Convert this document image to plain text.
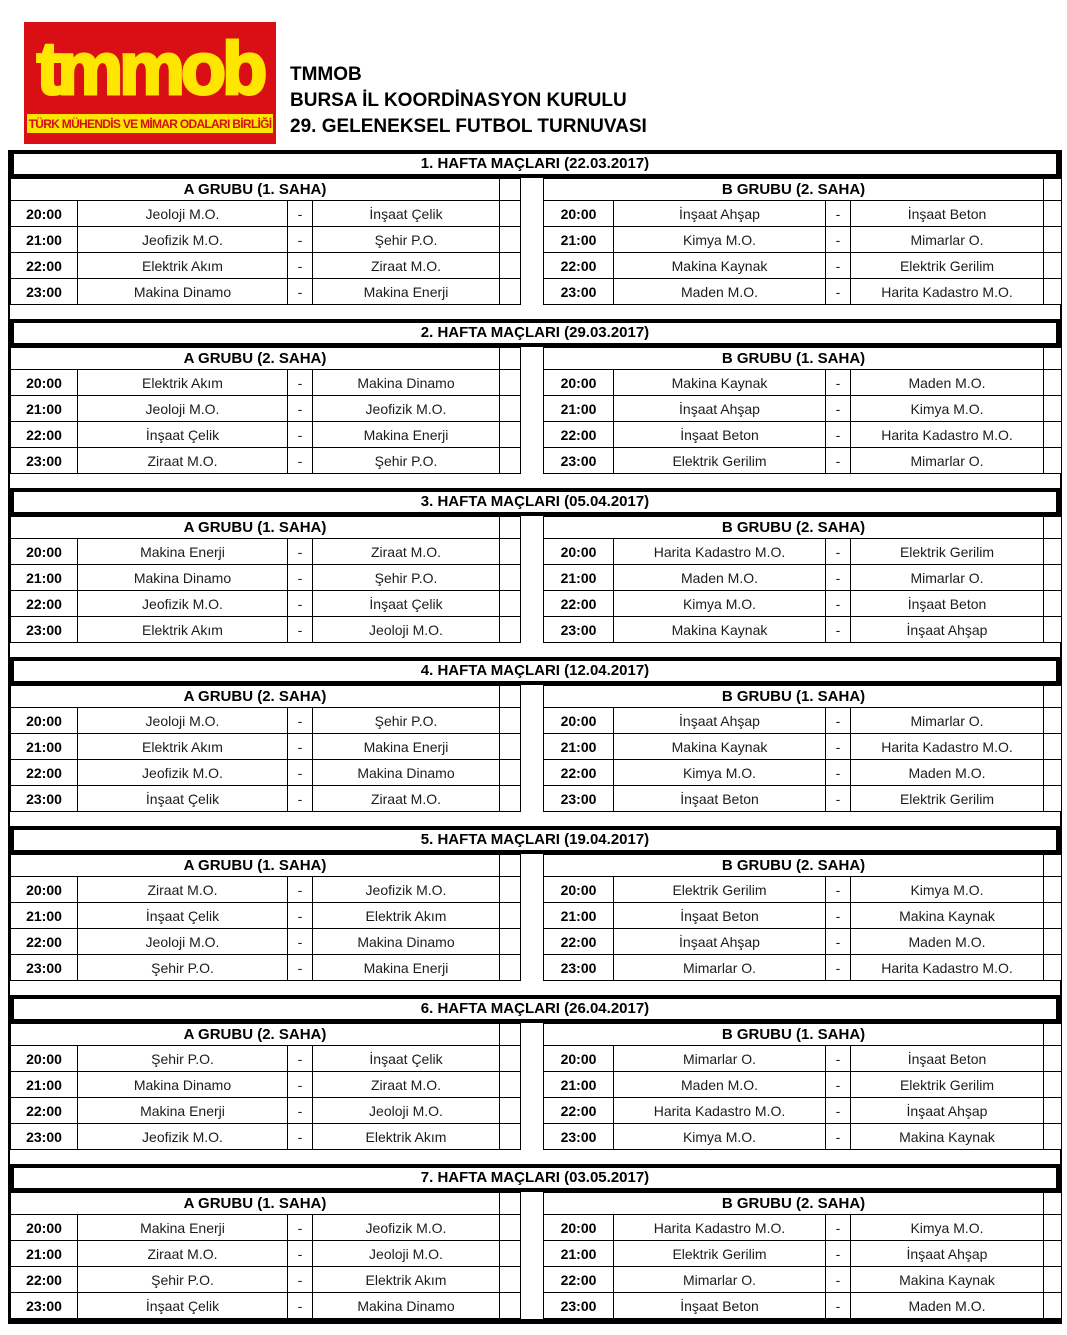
tmmob
TÜRK MÜHENDİS VE MİMAR ODALARI BİRLİĞİ
TMMOB
BURSA İL KOORDİNASYON KURULU
29. GELENEKSEL FUTBOL TURNUVASI
1. HAFTA MAÇLARI (22.03.2017)
A GRUBU (1. SAHA)				
20:00	Jeoloji M.O.	-	İnşaat Çelik	
21:00	Jeofizik M.O.	-	Şehir P.O.	
22:00	Elektrik Akım	-	Ziraat M.O.	
23:00	Makina Dinamo	-	Makina Enerji	
B GRUBU (2. SAHA)				
20:00	İnşaat Ahşap	-	İnşaat Beton	
21:00	Kimya M.O.	-	Mimarlar O.	
22:00	Makina Kaynak	-	Elektrik Gerilim	
23:00	Maden M.O.	-	Harita Kadastro M.O.	
2. HAFTA MAÇLARI (29.03.2017)
A GRUBU (2. SAHA)				
20:00	Elektrik Akım	-	Makina Dinamo	
21:00	Jeoloji M.O.	-	Jeofizik M.O.	
22:00	İnşaat Çelik	-	Makina Enerji	
23:00	Ziraat M.O.	-	Şehir P.O.	
B GRUBU (1. SAHA)				
20:00	Makina Kaynak	-	Maden M.O.	
21:00	İnşaat Ahşap	-	Kimya M.O.	
22:00	İnşaat Beton	-	Harita Kadastro M.O.	
23:00	Elektrik Gerilim	-	Mimarlar O.	
3. HAFTA MAÇLARI (05.04.2017)
A GRUBU (1. SAHA)				
20:00	Makina Enerji	-	Ziraat M.O.	
21:00	Makina Dinamo	-	Şehir P.O.	
22:00	Jeofizik M.O.	-	İnşaat Çelik	
23:00	Elektrik Akım	-	Jeoloji M.O.	
B GRUBU (2. SAHA)				
20:00	Harita Kadastro M.O.	-	Elektrik Gerilim	
21:00	Maden M.O.	-	Mimarlar O.	
22:00	Kimya M.O.	-	İnşaat Beton	
23:00	Makina Kaynak	-	İnşaat Ahşap	
4. HAFTA MAÇLARI (12.04.2017)
A GRUBU (2. SAHA)				
20:00	Jeoloji M.O.	-	Şehir P.O.	
21:00	Elektrik Akım	-	Makina Enerji	
22:00	Jeofizik M.O.	-	Makina Dinamo	
23:00	İnşaat Çelik	-	Ziraat M.O.	
B GRUBU (1. SAHA)				
20:00	İnşaat Ahşap	-	Mimarlar O.	
21:00	Makina Kaynak	-	Harita Kadastro M.O.	
22:00	Kimya M.O.	-	Maden M.O.	
23:00	İnşaat Beton	-	Elektrik Gerilim	
5. HAFTA MAÇLARI (19.04.2017)
A GRUBU (1. SAHA)				
20:00	Ziraat M.O.	-	Jeofizik M.O.	
21:00	İnşaat Çelik	-	Elektrik Akım	
22:00	Jeoloji M.O.	-	Makina Dinamo	
23:00	Şehir P.O.	-	Makina Enerji	
B GRUBU (2. SAHA)				
20:00	Elektrik Gerilim	-	Kimya M.O.	
21:00	İnşaat Beton	-	Makina Kaynak	
22:00	İnşaat Ahşap	-	Maden M.O.	
23:00	Mimarlar O.	-	Harita Kadastro M.O.	
6. HAFTA MAÇLARI (26.04.2017)
A GRUBU (2. SAHA)				
20:00	Şehir P.O.	-	İnşaat Çelik	
21:00	Makina Dinamo	-	Ziraat M.O.	
22:00	Makina Enerji	-	Jeoloji M.O.	
23:00	Jeofizik M.O.	-	Elektrik Akım	
B GRUBU (1. SAHA)				
20:00	Mimarlar O.	-	İnşaat Beton	
21:00	Maden M.O.	-	Elektrik Gerilim	
22:00	Harita Kadastro M.O.	-	İnşaat Ahşap	
23:00	Kimya M.O.	-	Makina Kaynak	
7. HAFTA MAÇLARI (03.05.2017)
A GRUBU (1. SAHA)				
20:00	Makina Enerji	-	Jeofizik M.O.	
21:00	Ziraat M.O.	-	Jeoloji M.O.	
22:00	Şehir P.O.	-	Elektrik Akım	
23:00	İnşaat Çelik	-	Makina Dinamo	
B GRUBU (2. SAHA)				
20:00	Harita Kadastro M.O.	-	Kimya M.O.	
21:00	Elektrik Gerilim	-	İnşaat Ahşap	
22:00	Mimarlar O.	-	Makina Kaynak	
23:00	İnşaat Beton	-	Maden M.O.	
